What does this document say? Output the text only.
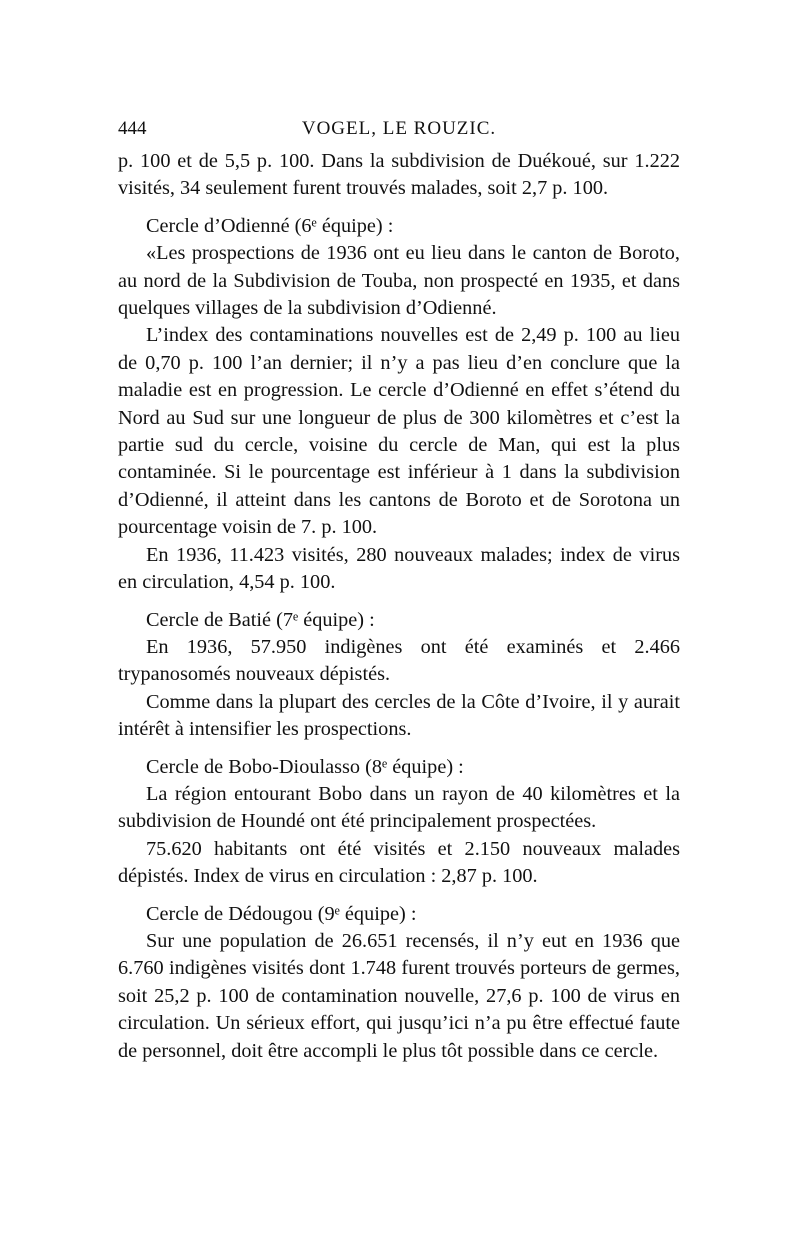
444	VOGEL, LE ROUZIC.

p. 100 et de 5,5 p. 100. Dans la subdivision de Duékoué, sur 1.222 visités, 34 seulement furent trouvés malades, soit 2,7 p. 100.

Cercle d’Odienné (6ᵉ équipe) :

«Les prospections de 1936 ont eu lieu dans le canton de Boroto, au nord de la Subdivision de Touba, non prospecté en 1935, et dans quelques villages de la subdivision d’Odienné.

L’index des contaminations nouvelles est de 2,49 p. 100 au lieu de 0,70 p. 100 l’an dernier; il n’y a pas lieu d’en conclure que la maladie est en progression. Le cercle d’Odienné en effet s’étend du Nord au Sud sur une longueur de plus de 300 kilomètres et c’est la partie sud du cercle, voisine du cercle de Man, qui est la plus contaminée. Si le pourcentage est inférieur à 1 dans la subdivision d’Odienné, il atteint dans les cantons de Boroto et de Sorotona un pourcentage voisin de 7. p. 100.

En 1936, 11.423 visités, 280 nouveaux malades; index de virus en circulation, 4,54 p. 100.

Cercle de Batié (7ᵉ équipe) :

En 1936, 57.950 indigènes ont été examinés et 2.466 trypanosomés nouveaux dépistés.

Comme dans la plupart des cercles de la Côte d’Ivoire, il y aurait intérêt à intensifier les prospections.

Cercle de Bobo-Dioulasso (8ᵉ équipe) :

La région entourant Bobo dans un rayon de 40 kilomètres et la subdivision de Houndé ont été principalement prospectées.

75.620 habitants ont été visités et 2.150 nouveaux malades dépistés. Index de virus en circulation : 2,87 p. 100.

Cercle de Dédougou (9ᵉ équipe) :

Sur une population de 26.651 recensés, il n’y eut en 1936 que 6.760 indigènes visités dont 1.748 furent trouvés porteurs de germes, soit 25,2 p. 100 de contamination nouvelle, 27,6 p. 100 de virus en circulation. Un sérieux effort, qui jusqu’ici n’a pu être effectué faute de personnel, doit être accompli le plus tôt possible dans ce cercle.
